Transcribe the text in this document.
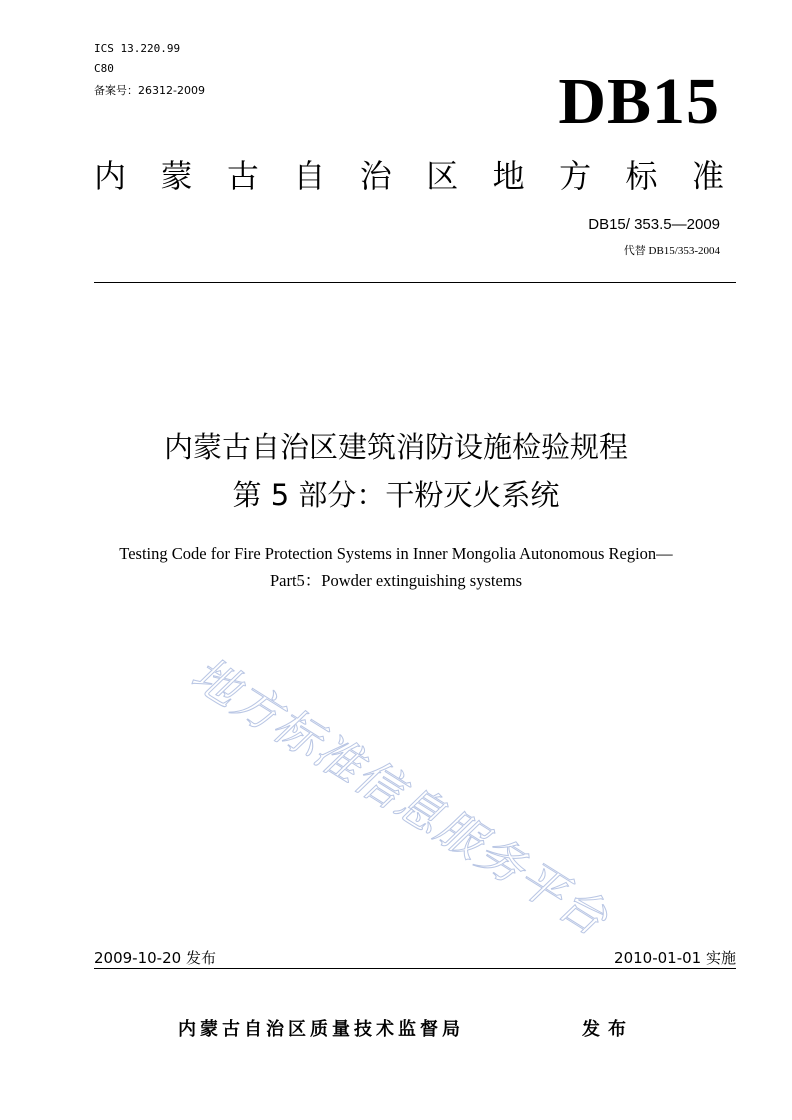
ICS 13.220.99
C80
备案号：26312-2009	DB15
内 蒙 古 自 治 区 地 方 标 准
DB15/ 353.5—2009
代替 DB15/353-2004
内蒙古自治区建筑消防设施检验规程
第 5 部分：干粉灭火系统
Testing Code for Fire Protection Systems in Inner Mongolia Autonomous Region—
Part5：Powder extinguishing systems
地方标准信息服务平台
2009-10-20 发布	2010-01-01 实施
内蒙古自治区质量技术监督局	发布
